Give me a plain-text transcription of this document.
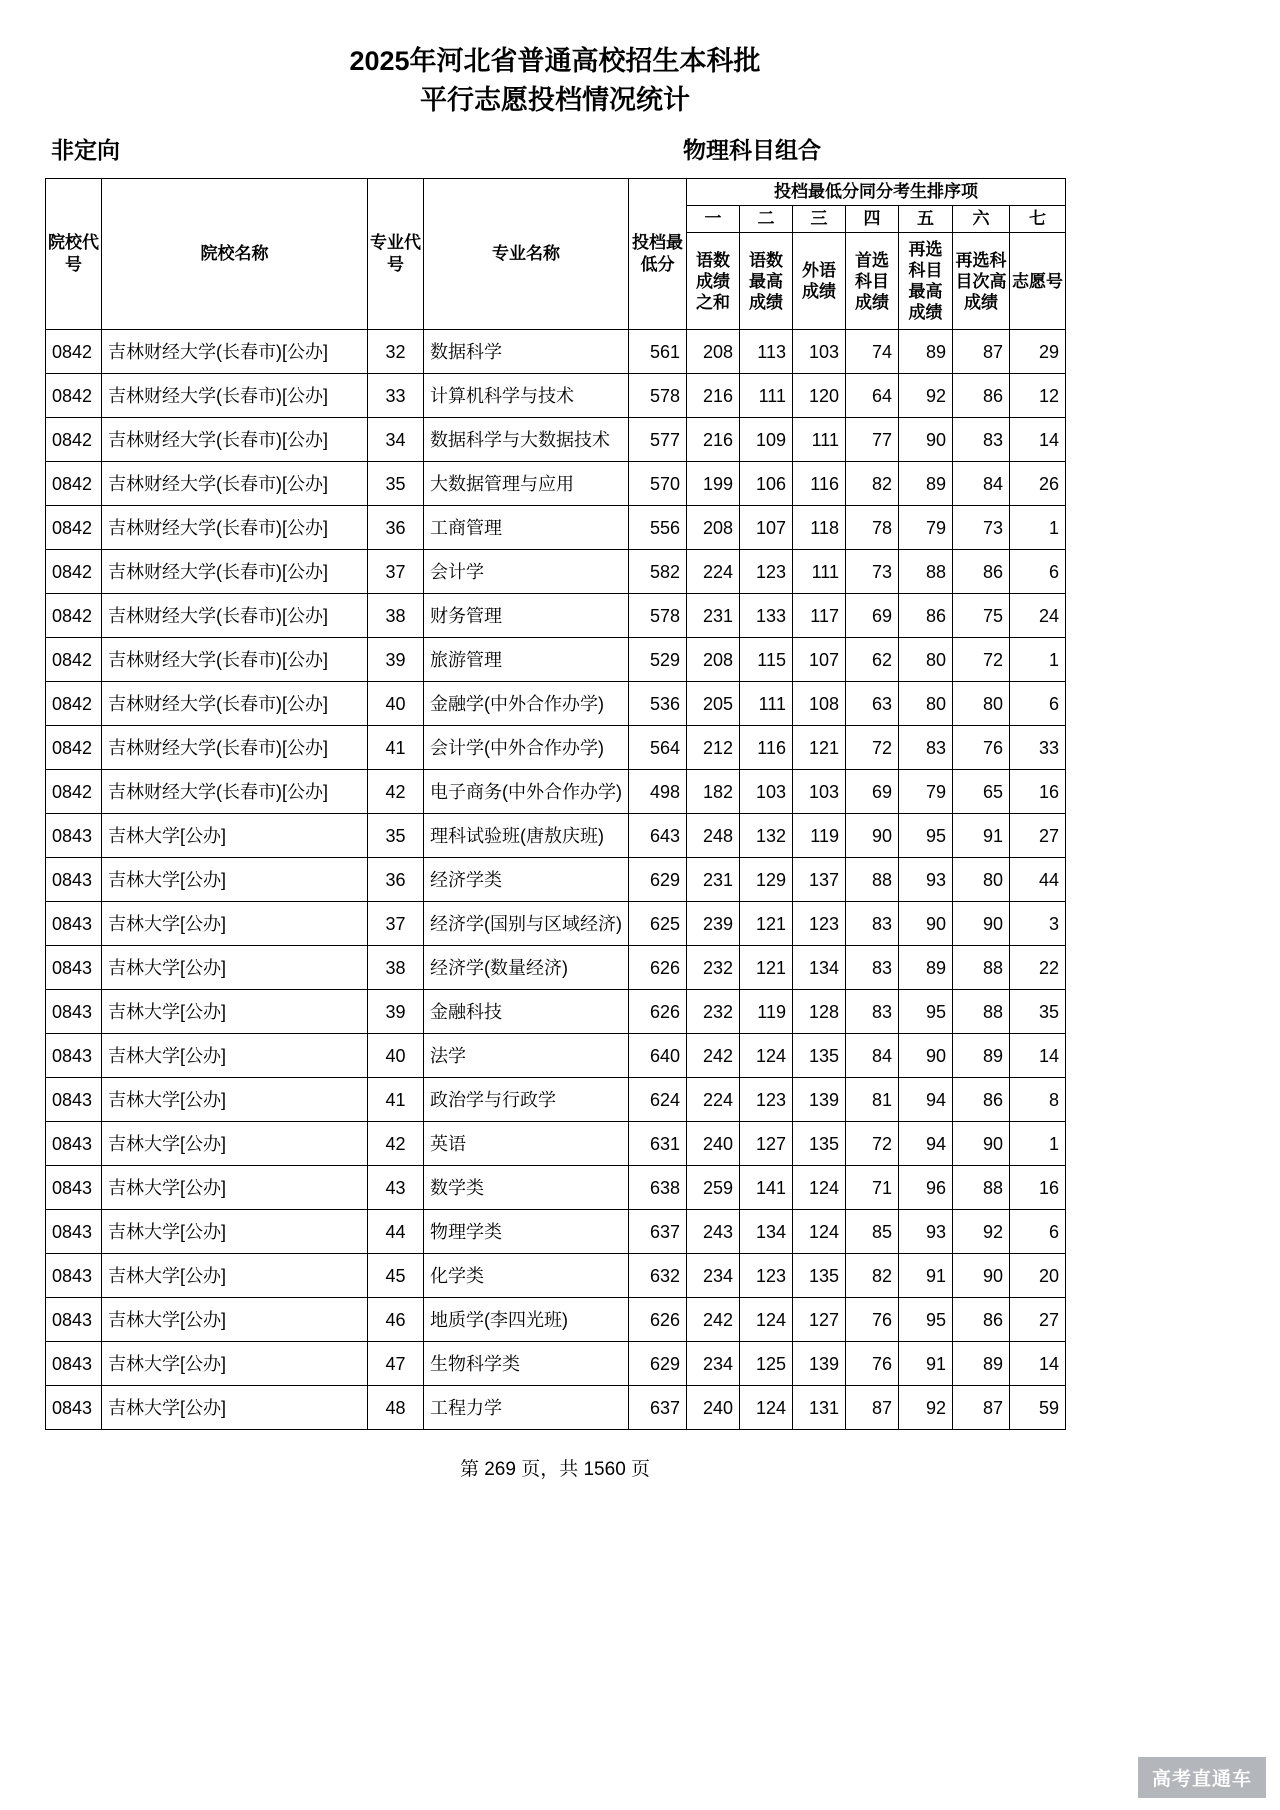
2025年河北省普通高校招生本科批
平行志愿投档情况统计
非定向	物理科目组合
院校代号	院校名称	专业代号	专业名称	投档最低分	投档最低分同分考生排序项						
					一	二	三	四	五	六	七
					语数成绩之和	语数最高成绩	外语成绩	首选科目成绩	再选科目最高成绩	再选科目次高成绩	志愿号
0842	吉林财经大学(长春市)[公办]	32	数据科学	561	208	113	103	74	89	87	29
0842	吉林财经大学(长春市)[公办]	33	计算机科学与技术	578	216	111	120	64	92	86	12
0842	吉林财经大学(长春市)[公办]	34	数据科学与大数据技术	577	216	109	111	77	90	83	14
0842	吉林财经大学(长春市)[公办]	35	大数据管理与应用	570	199	106	116	82	89	84	26
0842	吉林财经大学(长春市)[公办]	36	工商管理	556	208	107	118	78	79	73	1
0842	吉林财经大学(长春市)[公办]	37	会计学	582	224	123	111	73	88	86	6
0842	吉林财经大学(长春市)[公办]	38	财务管理	578	231	133	117	69	86	75	24
0842	吉林财经大学(长春市)[公办]	39	旅游管理	529	208	115	107	62	80	72	1
0842	吉林财经大学(长春市)[公办]	40	金融学(中外合作办学)	536	205	111	108	63	80	80	6
0842	吉林财经大学(长春市)[公办]	41	会计学(中外合作办学)	564	212	116	121	72	83	76	33
0842	吉林财经大学(长春市)[公办]	42	电子商务(中外合作办学)	498	182	103	103	69	79	65	16
0843	吉林大学[公办]	35	理科试验班(唐敖庆班)	643	248	132	119	90	95	91	27
0843	吉林大学[公办]	36	经济学类	629	231	129	137	88	93	80	44
0843	吉林大学[公办]	37	经济学(国别与区域经济)	625	239	121	123	83	90	90	3
0843	吉林大学[公办]	38	经济学(数量经济)	626	232	121	134	83	89	88	22
0843	吉林大学[公办]	39	金融科技	626	232	119	128	83	95	88	35
0843	吉林大学[公办]	40	法学	640	242	124	135	84	90	89	14
0843	吉林大学[公办]	41	政治学与行政学	624	224	123	139	81	94	86	8
0843	吉林大学[公办]	42	英语	631	240	127	135	72	94	90	1
0843	吉林大学[公办]	43	数学类	638	259	141	124	71	96	88	16
0843	吉林大学[公办]	44	物理学类	637	243	134	124	85	93	92	6
0843	吉林大学[公办]	45	化学类	632	234	123	135	82	91	90	20
0843	吉林大学[公办]	46	地质学(李四光班)	626	242	124	127	76	95	86	27
0843	吉林大学[公办]	47	生物科学类	629	234	125	139	76	91	89	14
0843	吉林大学[公办]	48	工程力学	637	240	124	131	87	92	87	59
第 269 页，共 1560 页
高考直通车
